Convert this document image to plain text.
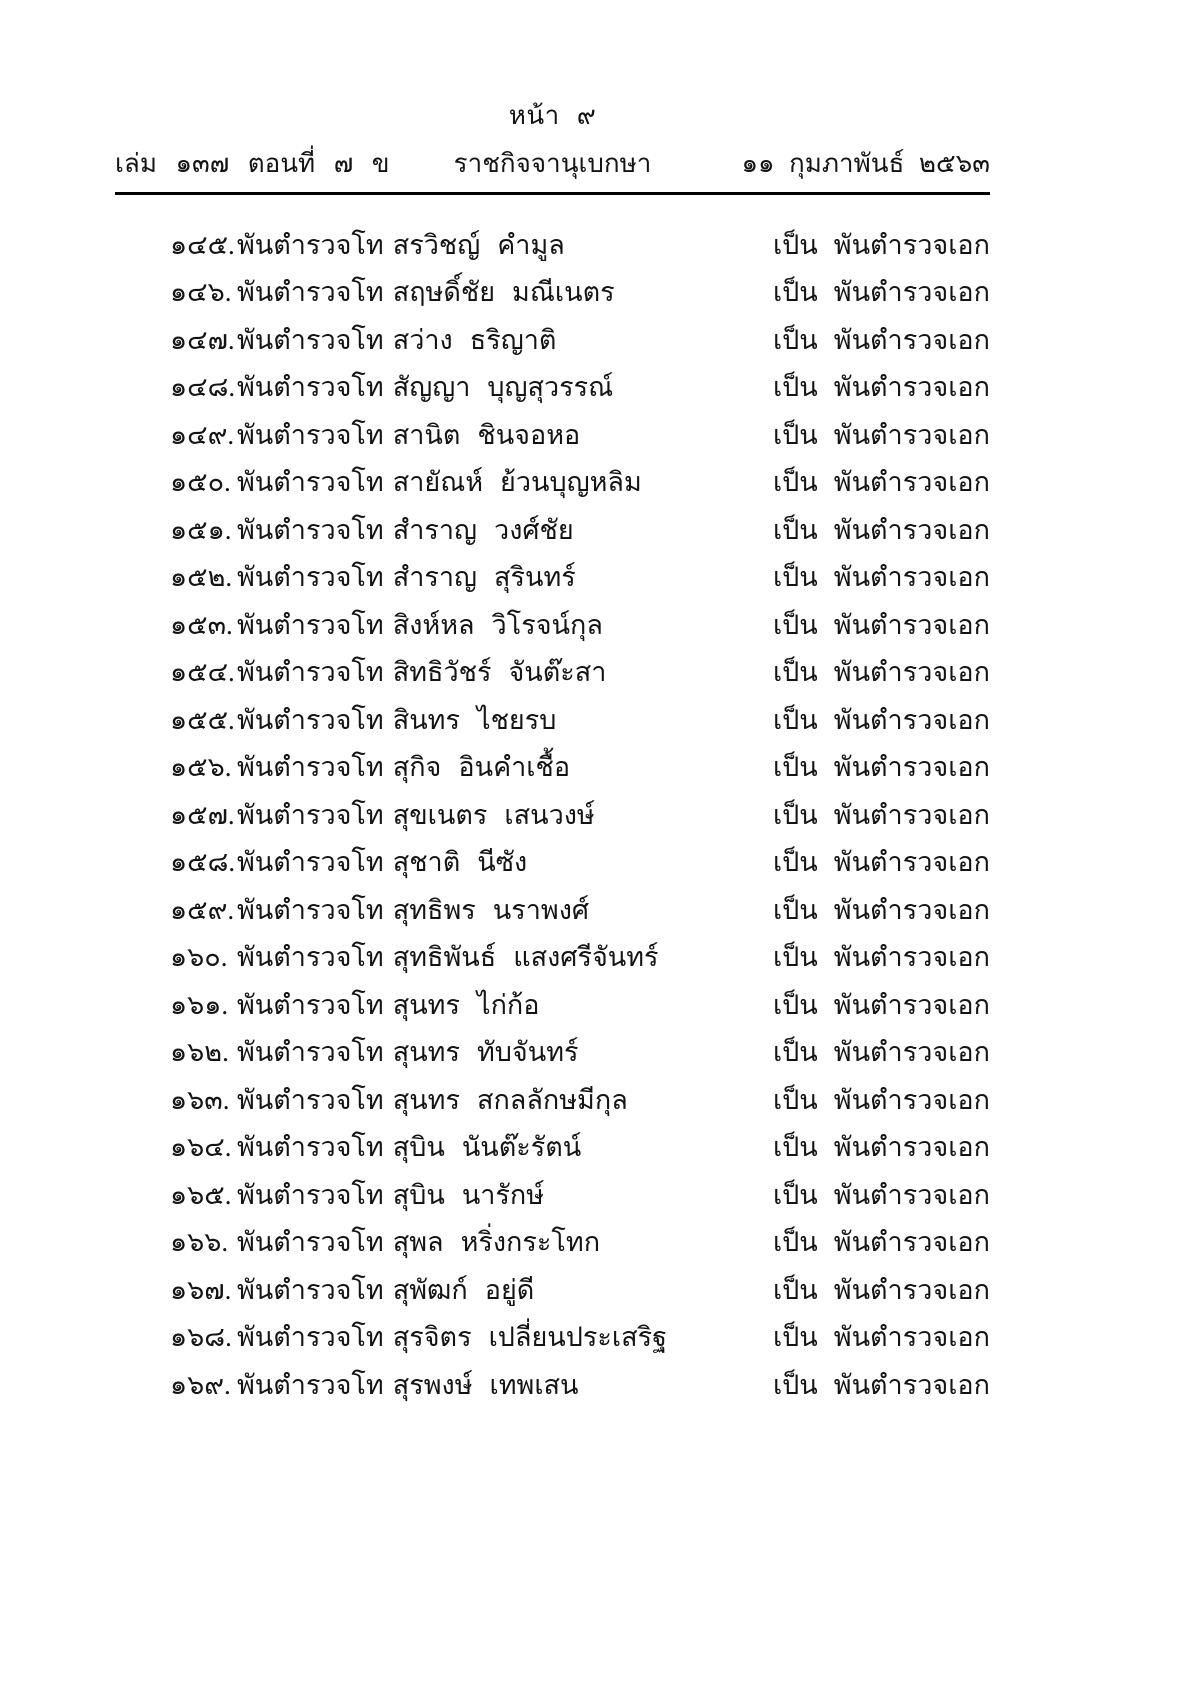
หน้า ๙
เล่ม ๑๓๗ ตอนที่ ๗ ข	ราชกิจจานุเบกษา	๑๑ กุมภาพันธ์ ๒๕๖๓
๑๔๕. พันตำรวจโท สรวิชญ์ คำมูล	เป็น พันตำรวจเอก
๑๔๖. พันตำรวจโท สฤษดิ์ชัย มณีเนตร	เป็น พันตำรวจเอก
๑๔๗. พันตำรวจโท สว่าง ธริญาติ	เป็น พันตำรวจเอก
๑๔๘. พันตำรวจโท สัญญา บุญสุวรรณ์	เป็น พันตำรวจเอก
๑๔๙. พันตำรวจโท สานิต ชินจอหอ	เป็น พันตำรวจเอก
๑๕๐. พันตำรวจโท สายัณห์ ย้วนบุญหลิม	เป็น พันตำรวจเอก
๑๕๑. พันตำรวจโท สำราญ วงศ์ชัย	เป็น พันตำรวจเอก
๑๕๒. พันตำรวจโท สำราญ สุรินทร์	เป็น พันตำรวจเอก
๑๕๓. พันตำรวจโท สิงห์หล วิโรจน์กุล	เป็น พันตำรวจเอก
๑๕๔. พันตำรวจโท สิทธิวัชร์ จันต๊ะสา	เป็น พันตำรวจเอก
๑๕๕. พันตำรวจโท สินทร ไชยรบ	เป็น พันตำรวจเอก
๑๕๖. พันตำรวจโท สุกิจ อินคำเชื้อ	เป็น พันตำรวจเอก
๑๕๗. พันตำรวจโท สุขเนตร เสนวงษ์	เป็น พันตำรวจเอก
๑๕๘. พันตำรวจโท สุชาติ นีซัง	เป็น พันตำรวจเอก
๑๕๙. พันตำรวจโท สุทธิพร นราพงศ์	เป็น พันตำรวจเอก
๑๖๐. พันตำรวจโท สุทธิพันธ์ แสงศรีจันทร์	เป็น พันตำรวจเอก
๑๖๑. พันตำรวจโท สุนทร ไก่ก้อ	เป็น พันตำรวจเอก
๑๖๒. พันตำรวจโท สุนทร ทับจันทร์	เป็น พันตำรวจเอก
๑๖๓. พันตำรวจโท สุนทร สกลลักษมีกุล	เป็น พันตำรวจเอก
๑๖๔. พันตำรวจโท สุบิน นันต๊ะรัตน์	เป็น พันตำรวจเอก
๑๖๕. พันตำรวจโท สุบิน นารักษ์	เป็น พันตำรวจเอก
๑๖๖. พันตำรวจโท สุพล หริ่งกระโทก	เป็น พันตำรวจเอก
๑๖๗. พันตำรวจโท สุพัฒก์ อยู่ดี	เป็น พันตำรวจเอก
๑๖๘. พันตำรวจโท สุรจิตร เปลี่ยนประเสริฐ	เป็น พันตำรวจเอก
๑๖๙. พันตำรวจโท สุรพงษ์ เทพเสน	เป็น พันตำรวจเอก
